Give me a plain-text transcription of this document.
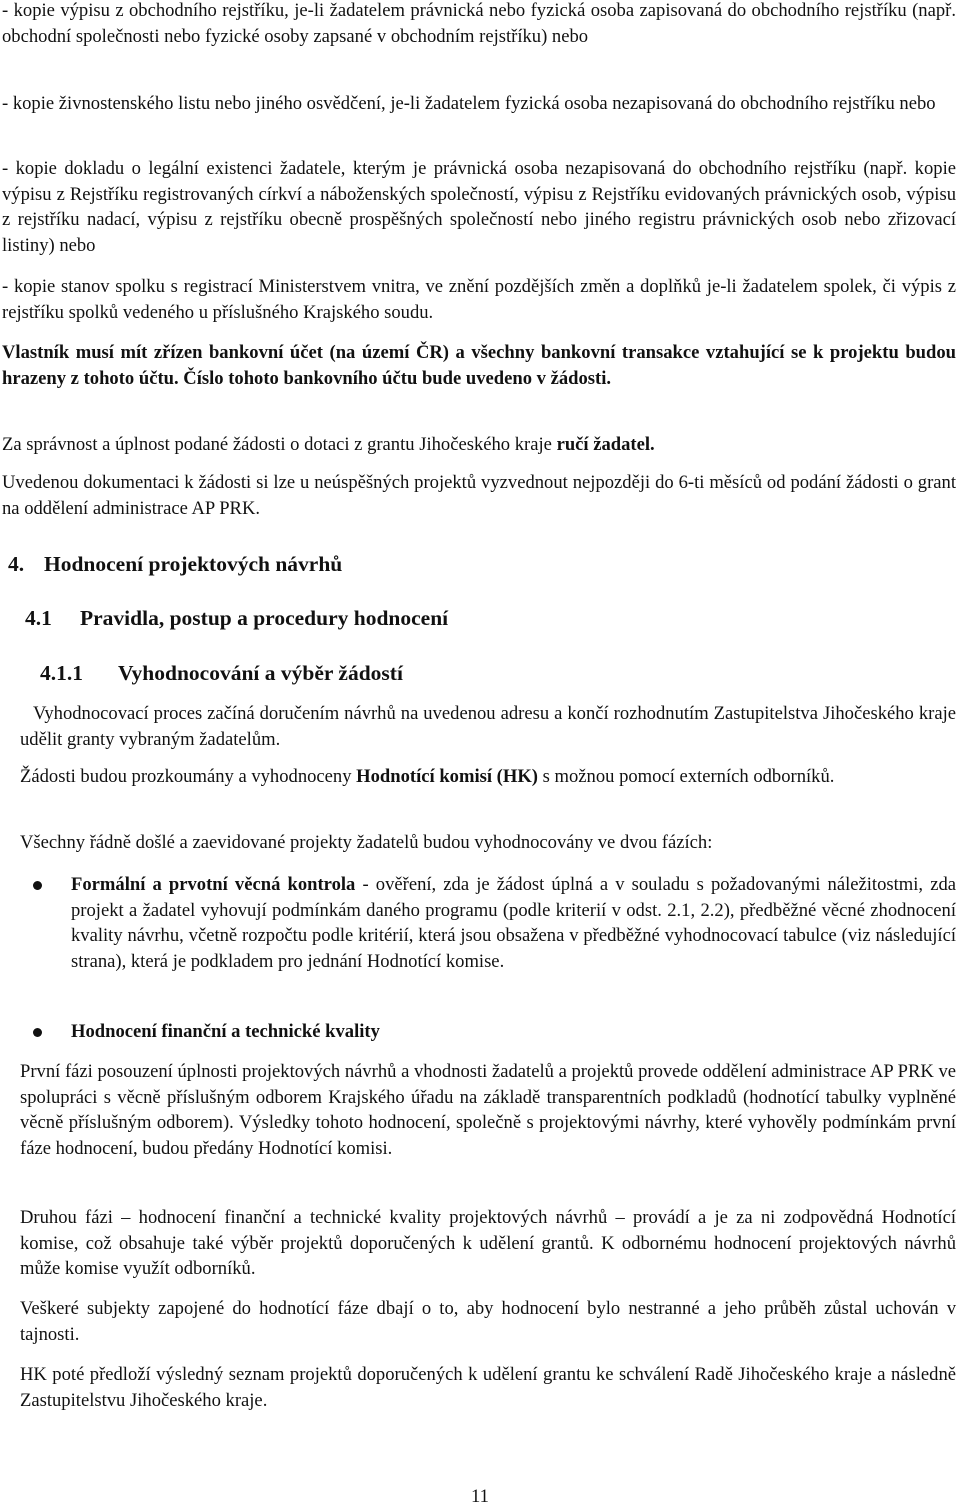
- kopie výpisu z obchodního rejstříku, je-li žadatelem právnická nebo fyzická osoba zapisovaná do obchodního rejstříku (např. obchodní společnosti nebo fyzické osoby zapsané v obchodním rejstříku) nebo

- kopie živnostenského listu nebo jiného osvědčení, je-li žadatelem fyzická osoba nezapisovaná do obchodního rejstříku nebo

- kopie dokladu o legální existenci žadatele, kterým je právnická osoba nezapisovaná do obchodního rejstříku (např. kopie výpisu z Rejstříku registrovaných církví a náboženských společností, výpisu z Rejstříku evidovaných právnických osob, výpisu z rejstříku nadací, výpisu z rejstříku obecně prospěšných společností nebo jiného registru právnických osob nebo zřizovací listiny) nebo

- kopie stanov spolku s registrací Ministerstvem vnitra, ve znění pozdějších změn a doplňků je-li žadatelem spolek, či výpis z rejstříku spolků vedeného u příslušného Krajského soudu.

Vlastník musí mít zřízen bankovní účet (na území ČR) a všechny bankovní transakce vztahující se k projektu budou hrazeny z tohoto účtu. Číslo tohoto bankovního účtu bude uvedeno v žádosti.

Za správnost a úplnost podané žádosti o dotaci z grantu Jihočeského kraje ručí žadatel.

Uvedenou dokumentaci k žádosti si lze u neúspěšných projektů vyzvednout nejpozději do 6-ti měsíců od podání žádosti o grant na oddělení administrace AP PRK.

4. Hodnocení projektových návrhů
4.1 Pravidla, postup a procedury hodnocení
4.1.1 Vyhodnocování a výběr žádostí

Vyhodnocovací proces začíná doručením návrhů na uvedenou adresu a končí rozhodnutím Zastupitelstva Jihočeského kraje udělit granty vybraným žadatelům.

Žádosti budou prozkoumány a vyhodnoceny Hodnotící komisí (HK) s možnou pomocí externích odborníků.

Všechny řádně došlé a zaevidované projekty žadatelů budou vyhodnocovány ve dvou fázích:

Formální a prvotní věcná kontrola - ověření, zda je žádost úplná a v souladu s požadovanými náležitostmi, zda projekt a žadatel vyhovují podmínkám daného programu (podle kriterií v odst. 2.1, 2.2), předběžné věcné zhodnocení kvality návrhu, včetně rozpočtu podle kritérií, která jsou obsažena v předběžné vyhodnocovací tabulce (viz následující strana), která je podkladem pro jednání Hodnotící komise.

Hodnocení finanční a technické kvality

První fázi posouzení úplnosti projektových návrhů a vhodnosti žadatelů a projektů provede oddělení administrace AP PRK ve spolupráci s věcně příslušným odborem Krajského úřadu na základě transparentních podkladů (hodnotící tabulky vyplněné věcně příslušným odborem). Výsledky tohoto hodnocení, společně s projektovými návrhy, které vyhověly podmínkám první fáze hodnocení, budou předány Hodnotící komisi.

Druhou fázi – hodnocení finanční a technické kvality projektových návrhů – provádí a je za ni zodpovědná Hodnotící komise, což obsahuje také výběr projektů doporučených k udělení grantů. K odbornému hodnocení projektových návrhů může komise využít odborníků.

Veškeré subjekty zapojené do hodnotící fáze dbají o to, aby hodnocení bylo nestranné a jeho průběh zůstal uchován v tajnosti.

HK poté předloží výsledný seznam projektů doporučených k udělení grantu ke schválení Radě Jihočeského kraje a následně Zastupitelstvu Jihočeského kraje.

11
